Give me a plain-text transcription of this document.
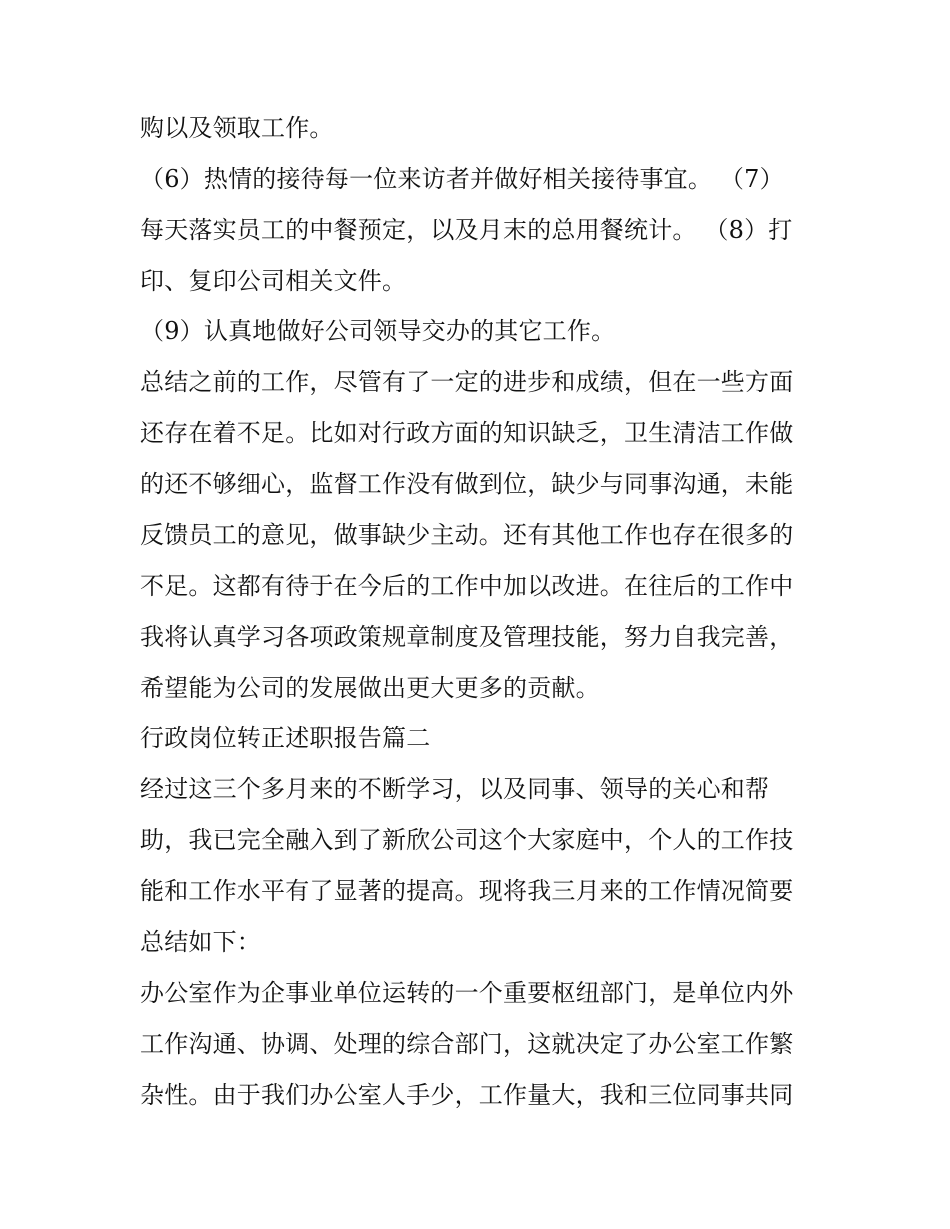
购以及领取工作。
（6）热情的接待每一位来访者并做好相关接待事宜。 （7）
每天落实员工的中餐预定，以及月末的总用餐统计。 （8）打
印、复印公司相关文件。
（9）认真地做好公司领导交办的其它工作。
总结之前的工作，尽管有了一定的进步和成绩，但在一些方面
还存在着不足。比如对行政方面的知识缺乏，卫生清洁工作做
的还不够细心，监督工作没有做到位，缺少与同事沟通，未能
反馈员工的意见，做事缺少主动。还有其他工作也存在很多的
不足。这都有待于在今后的工作中加以改进。在往后的工作中
我将认真学习各项政策规章制度及管理技能，努力自我完善，
希望能为公司的发展做出更大更多的贡献。
行政岗位转正述职报告篇二
经过这三个多月来的不断学习，以及同事、领导的关心和帮
助，我已完全融入到了新欣公司这个大家庭中，个人的工作技
能和工作水平有了显著的提高。现将我三月来的工作情况简要
总结如下：
办公室作为企事业单位运转的一个重要枢纽部门，是单位内外
工作沟通、协调、处理的综合部门，这就决定了办公室工作繁
杂性。由于我们办公室人手少，工作量大，我和三位同事共同
